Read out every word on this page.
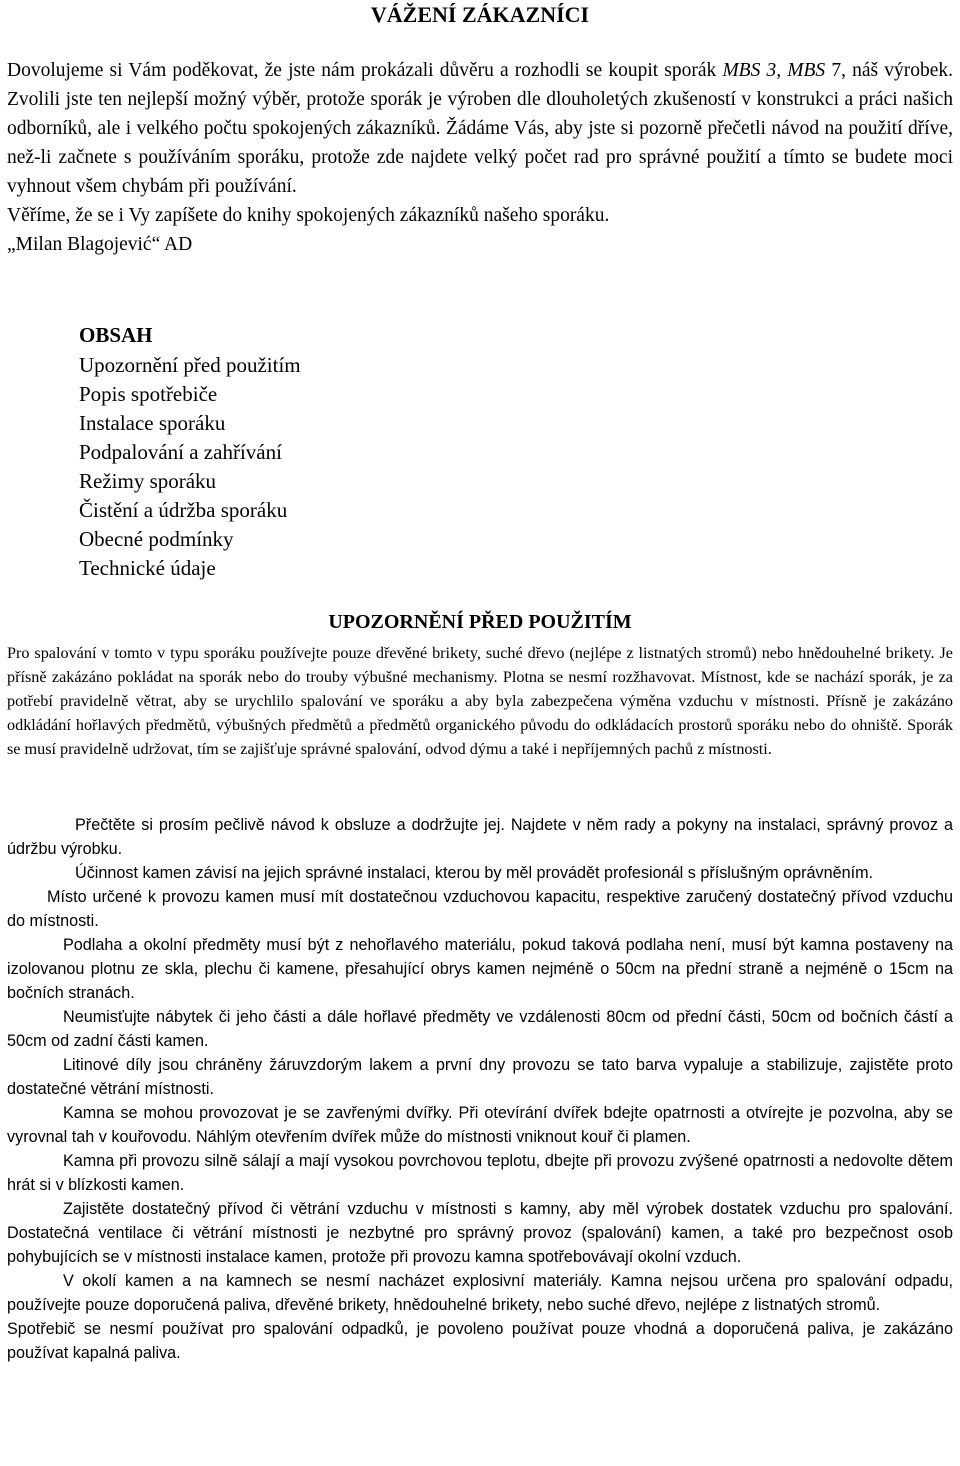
VÁŽENÍ ZÁKAZNÍCI

Dovolujeme si Vám poděkovat, že jste nám prokázali důvěru a rozhodli se koupit sporák MBS 3, MBS 7, náš výrobek. Zvolili jste ten nejlepší možný výběr, protože sporák je výroben dle dlouholetých zkušeností v konstrukci a práci našich odborníků, ale i velkého počtu spokojených zákazníků. Žádáme Vás, aby jste si pozorně přečetli návod na použití dříve, než-li začnete s používáním sporáku, protože zde najdete velký počet rad pro správné použití a tímto se budete moci vyhnout všem chybám při používání.

Věříme, že se i Vy zapíšete do knihy spokojených zákazníků našeho sporáku.

„Milan Blagojević“ AD

OBSAH
Upozornění před použitím
Popis spotřebiče
Instalace sporáku
Podpalování a zahřívání
Režimy sporáku
Čistění a údržba sporáku
Obecné podmínky
Technické údaje
UPOZORNĚNÍ PŘED POUŽITÍM

Pro spalování v tomto v typu sporáku používejte pouze dřevěné brikety, suché dřevo (nejlépe z listnatých stromů) nebo hnědouhelné brikety. Je přísně zakázáno pokládat na sporák nebo do trouby výbušné mechanismy. Plotna se nesmí rozžhavovat. Místnost, kde se nachází sporák, je za potřebí pravidelně větrat, aby se urychlilo spalování ve sporáku a aby byla zabezpečena výměna vzduchu v místnosti. Přísně je zakázáno odkládání hořlavých předmětů, výbušných předmětů a předmětů organického původu do odkládacích prostorů sporáku nebo do ohniště. Sporák se musí pravidelně udržovat, tím se zajišťuje správné spalování, odvod dýmu a také i nepříjemných pachů z místnosti.

Přečtěte si prosím pečlivě návod k obsluze a dodržujte jej. Najdete v něm rady a pokyny na instalaci, správný provoz a údržbu výrobku.

Účinnost kamen závisí na jejich správné instalaci, kterou by měl provádět profesionál s příslušným oprávněním.

Místo určené k provozu kamen musí mít dostatečnou vzduchovou kapacitu, respektive zaručený dostatečný přívod vzduchu do místnosti.

Podlaha a okolní předměty musí být z nehořlavého materiálu, pokud taková podlaha není, musí být kamna postaveny na izolovanou plotnu ze skla, plechu či kamene, přesahující obrys kamen nejméně o 50cm na přední straně a nejméně o 15cm na bočních stranách.

Neumisťujte nábytek či jeho části a dále hořlavé předměty ve vzdálenosti 80cm od přední části, 50cm od bočních částí a 50cm od zadní části kamen.

Litinové díly jsou chráněny žáruvzdorým lakem a první dny provozu se tato barva vypaluje a stabilizuje, zajistěte proto dostatečné větrání místnosti.

Kamna se mohou provozovat je se zavřenými dvířky. Při otevírání dvířek bdejte opatrnosti a otvírejte je pozvolna, aby se vyrovnal tah v kouřovodu. Náhlým otevřením dvířek může do místnosti vniknout kouř či plamen.

Kamna při provozu silně sálají a mají vysokou povrchovou teplotu, dbejte při provozu zvýšené opatrnosti a nedovolte dětem hrát si v blízkosti kamen.

Zajistěte dostatečný přívod či větrání vzduchu v místnosti s kamny, aby měl výrobek dostatek vzduchu pro spalování. Dostatečná ventilace či větrání místnosti je nezbytné pro správný provoz (spalování) kamen, a také pro bezpečnost osob pohybujících se v místnosti instalace kamen, protože při provozu kamna spotřebovávají okolní vzduch.

V okolí kamen a na kamnech se nesmí nacházet explosivní materiály. Kamna nejsou určena pro spalování odpadu, používejte pouze doporučená paliva, dřevěné brikety, hnědouhelné brikety, nebo suché dřevo, nejlépe z listnatých stromů.

Spotřebič se nesmí používat pro spalování odpadků, je povoleno používat pouze vhodná a doporučená paliva, je zakázáno používat kapalná paliva.
